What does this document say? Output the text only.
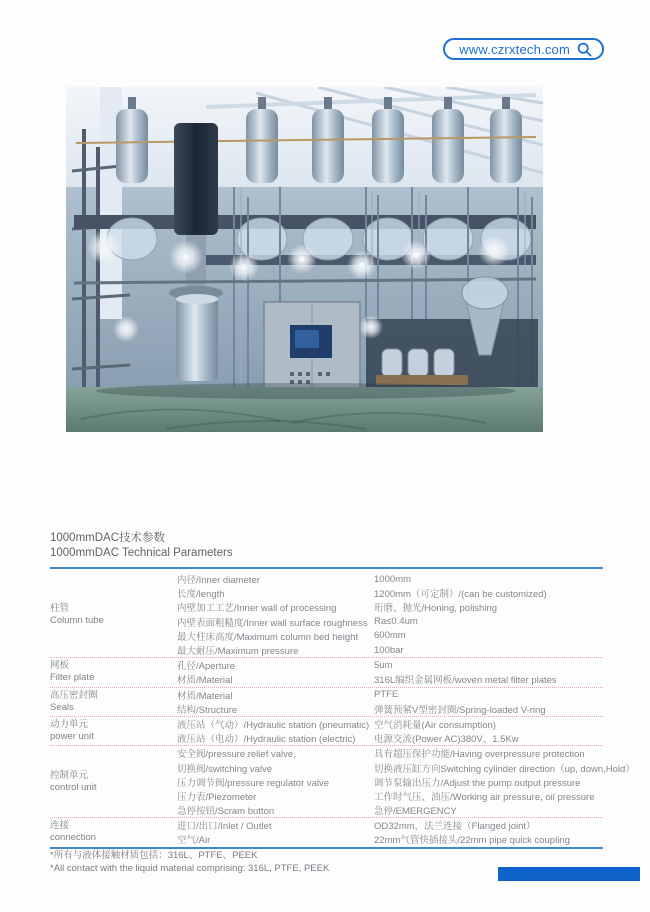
www.czrxtech.com
1000mmDAC技术参数
1000mmDAC Technical Parameters
柱管
Column tube
内径/Inner diameter	1000mm
长度/length	1200mm（可定制）/(can be customized)
内壁加工工艺/Inner wall of processing	珩磨、抛光/Honing, polishing
内壁表面粗糙度/Inner wall surface roughness Ra≤0.4um
最大柱床高度/Maximum column bed height	600mm
最大耐压/Maximum pressure	100bar
网板
Filter plate
孔径/Aperture	5um
材质/Material	316L编织金属网板/woven metal filter plates
高压密封圈
Seals
材质/Material	PTFE
结构/Structure	弹簧预紧V型密封圈/Spring-loaded V-ring
动力单元
power unit
液压站（气动）/Hydraulic station (pneumatic) 空气消耗量(Air consumption)
液压站（电动）/Hydraulic station (electric)	电源交流(Power AC)380V、1.5Kw
控制单元
control unit
安全阀/pressure relief valve,	具有超压保护功能/Having overpressure protection
切换阀/switching valve	切换液压缸方向Switching cylinder direction（up, down,Hold）
压力调节阀/pressure regulator valve	调节泵输出压力/Adjust the pump output pressure
压力表/Piezometer	工作时气压、油压/Working air pressure, oil pressure
急停按钮/Scram button	急停/EMERGENCY
连接
connection
进口/出口/Inlet / Outlet	OD32mm，法兰连接（Flanged joint）
空气/Air	22mm气管快插接头/22mm pipe quick coupling
*所有与液体接触材质包括：316L、PTFE、PEEK
*All contact with the liquid material comprising: 316L, PTFE, PEEK
